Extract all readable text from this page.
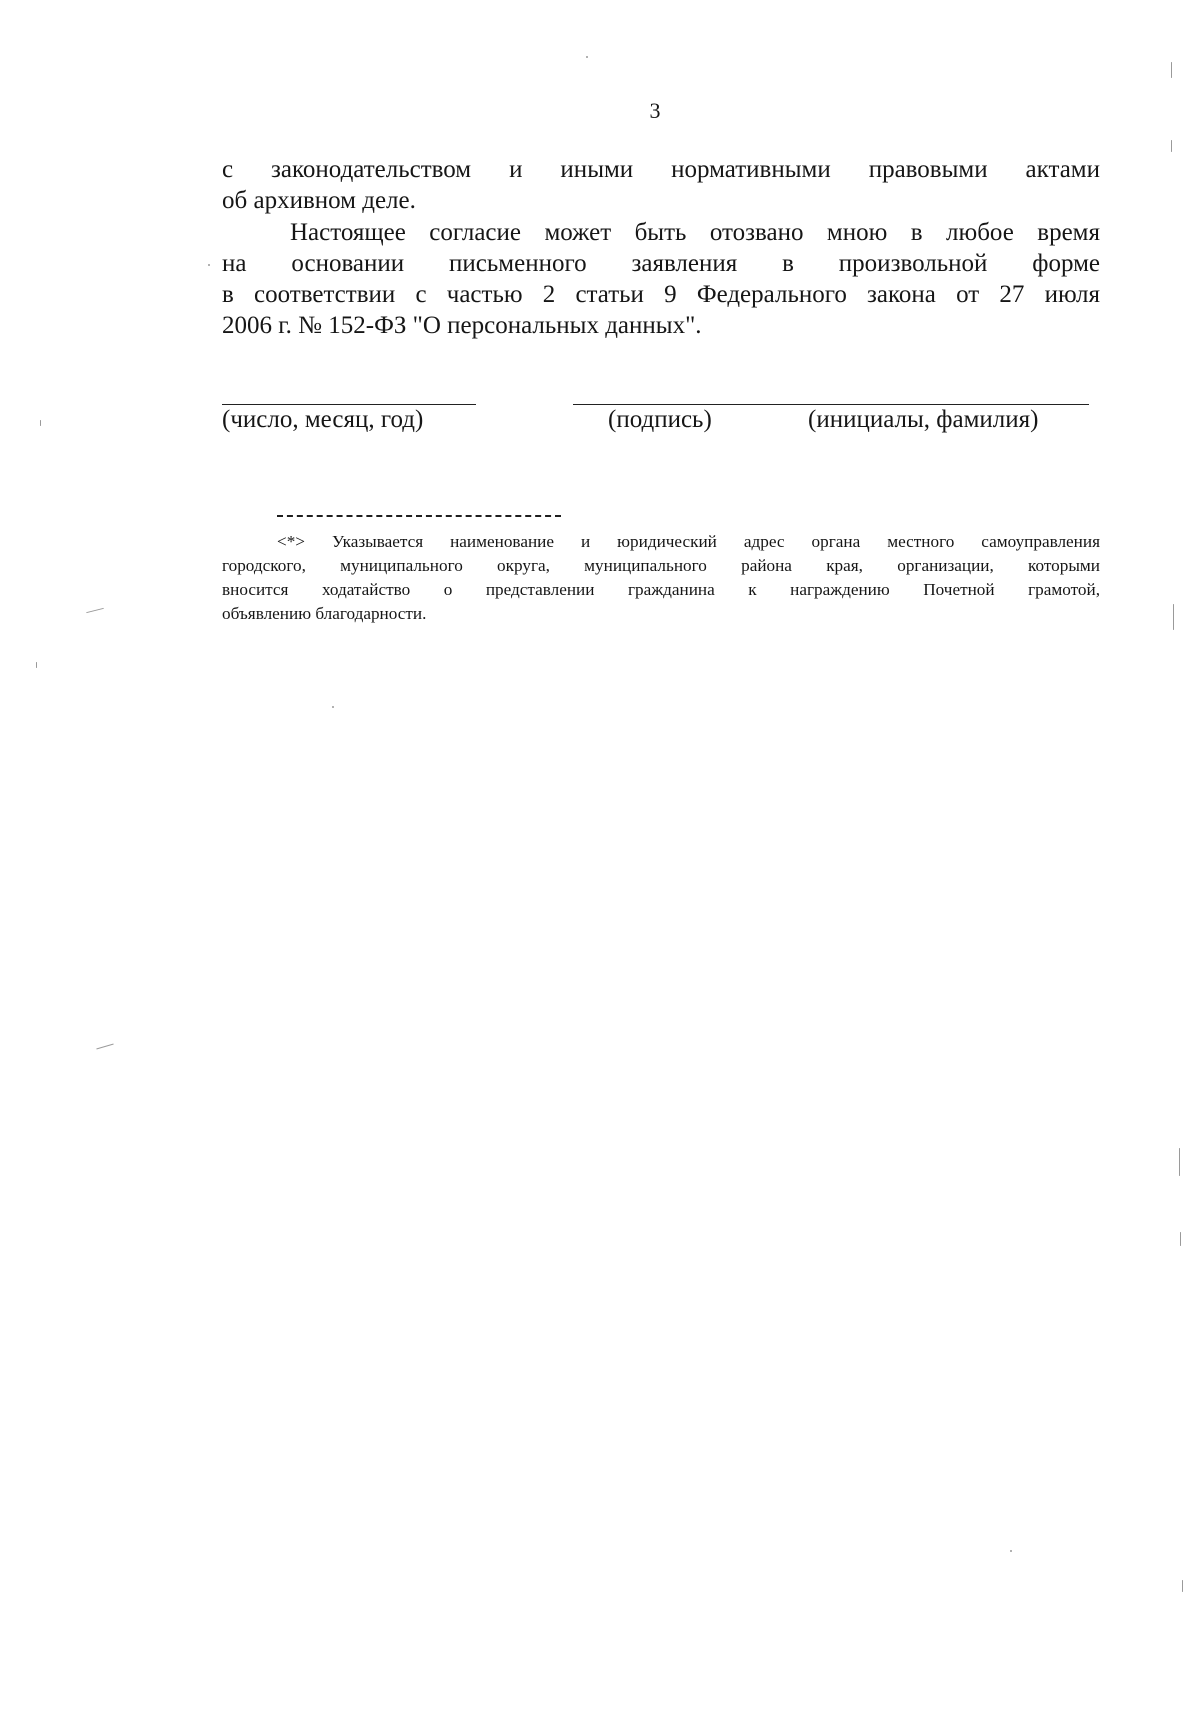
3
с законодательством и иными нормативными правовыми актами
об архивном деле.
Настоящее согласие может быть отозвано мною в любое время
на основании письменного заявления в произвольной форме
в соответствии с частью 2 статьи 9 Федерального закона от 27 июля
2006 г. № 152-ФЗ "О персональных данных".
(число, месяц, год)	(подпись)	(инициалы, фамилия)
<*> Указывается наименование и юридический адрес органа местного самоуправления
городского, муниципального округа, муниципального района края, организации, которыми
вносится ходатайство о представлении гражданина к награждению Почетной грамотой,
объявлению благодарности.
